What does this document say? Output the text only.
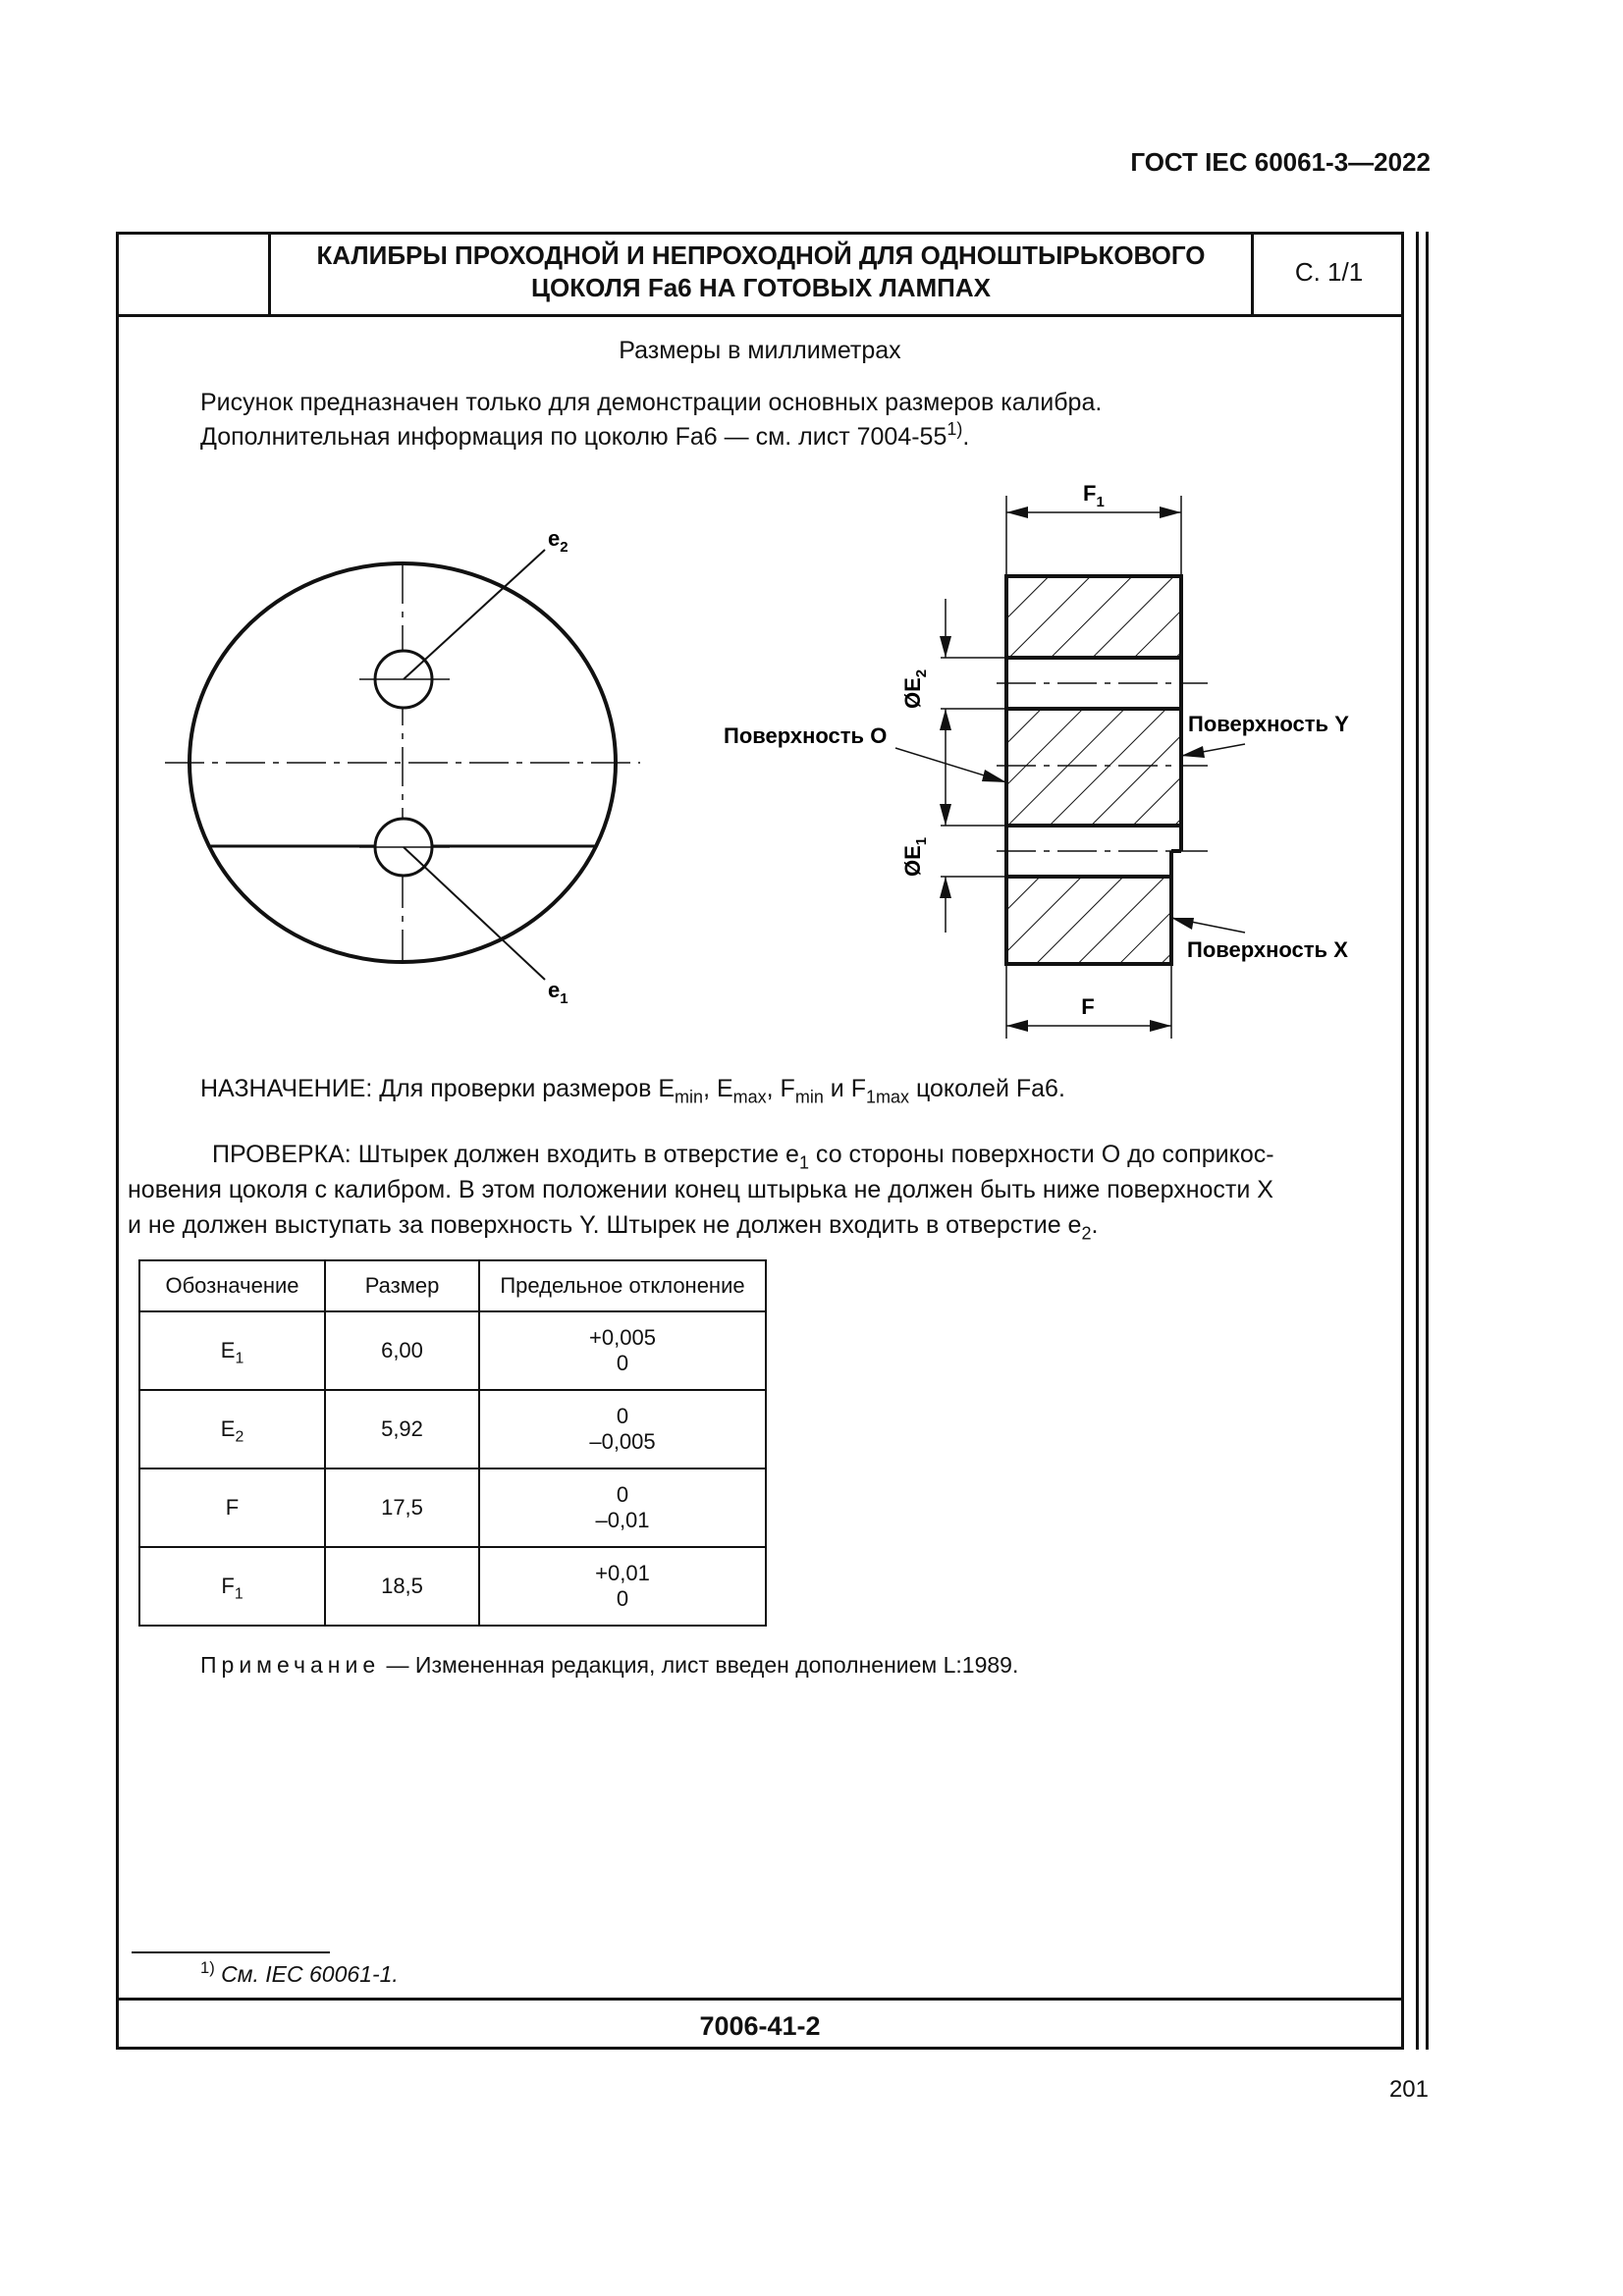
ГОСТ IEC 60061-3—2022
КАЛИБРЫ ПРОХОДНОЙ И НЕПРОХОДНОЙ ДЛЯ ОДНОШТЫРЬКОВОГО
ЦОКОЛЯ Fa6 НА ГОТОВЫХ ЛАМПАХ
С. 1/1
Размеры в миллиметрах
Рисунок предназначен только для демонстрации основных размеров калибра.
Дополнительная информация по цоколю Fa6 — см. лист 7004-55$^{1)}$.
$e_2$
$e_1$
$F_1$
F
$ØE_2$
$ØE_1$
Поверхность O	Поверхность Y
Поверхность X
НАЗНАЧЕНИЕ: Для проверки размеров $E_{min}$, $E_{max}$, $F_{min}$ и $F_{1max}$ цоколей Fa6.
ПРОВЕРКА: Штырек должен входить в отверстие $e_1$ со стороны поверхности O до соприкос-
новения цоколя с калибром. В этом положении конец штырька не должен быть ниже поверхности X
и не должен выступать за поверхность Y. Штырек не должен входить в отверстие $e_2$.
Обозначение	Размер	Предельное отклонение
$E_1$	6,00	+0,005
0

$E_2$	5,92	0
–0,005

F	17,5	0
–0,01

$F_1$	18,5	+0,01
0
Примечание — Измененная редакция, лист введен дополнением L:1989.
$^{1)}$ См. IEC 60061-1.
7006-41-2
201
